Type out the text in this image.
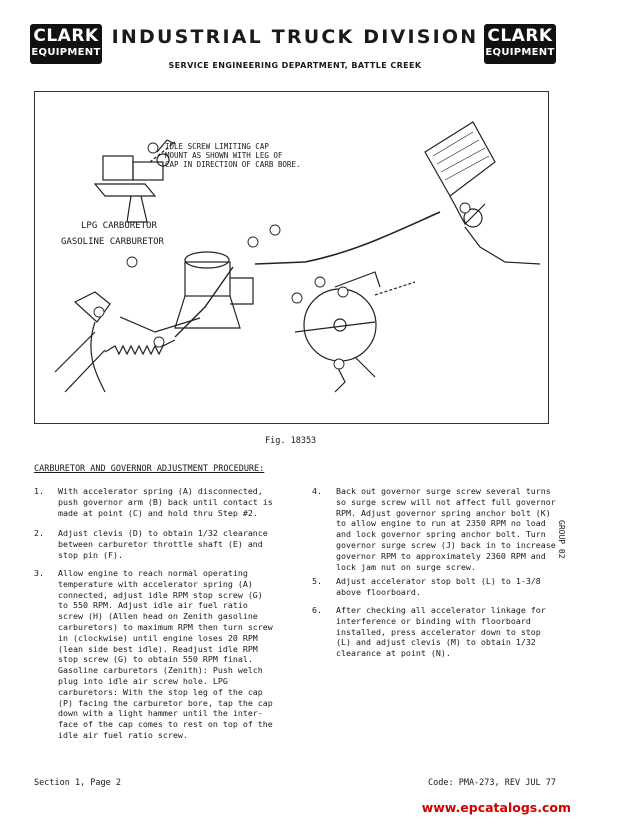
CLARK
EQUIPMENT
INDUSTRIAL TRUCK DIVISION
SERVICE ENGINEERING DEPARTMENT, BATTLE CREEK
CLARK
EQUIPMENT
IDLE SCREW LIMITING CAP
MOUNT AS SHOWN WITH LEG OF
CAP IN DIRECTION OF CARB BORE.
LPG CARBURETOR
GASOLINE CARBURETOR
Fig. 18353
CARBURETOR AND GOVERNOR ADJUSTMENT PROCEDURE:
1. With accelerator spring (A) disconnected,
push governor arm (B) back until contact is
made at point (C) and hold thru Step #2.
2. Adjust clevis (D) to obtain 1/32 clearance
between carburetor throttle shaft (E) and
stop pin (F).
3. Allow engine to reach normal operating
temperature with accelerator spring (A)
connected, adjust idle RPM stop screw (G)
to 550 RPM. Adjust idle air fuel ratio
screw (H) (Allen head on Zenith gasoline
carburetors) to maximum RPM then turn screw
in (clockwise) until engine loses 20 RPM
(lean side best idle). Readjust idle RPM
stop screw (G) to obtain 550 RPM final.
Gasoline carburetors (Zenith): Push welch
plug into idle air screw hole. LPG
carburetors: With the stop leg of the cap
(P) facing the carburetor bore, tap the cap
down with a light hammer until the inter-
face of the cap comes to rest on top of the
idle air fuel ratio screw.
4. Back out governor surge screw several turns
so surge screw will not affect full governor
RPM. Adjust governor spring anchor bolt (K)
to allow engine to run at 2350 RPM no load
and lock governor spring anchor bolt. Turn
governor surge screw (J) back in to increase
governor RPM to approximately 2360 RPM and
lock jam nut on surge screw.
5. Adjust accelerator stop bolt (L) to 1-3/8
above floorboard.
6. After checking all accelerator linkage for
interference or binding with floorboard
installed, press accelerator down to stop
(L) and adjust clevis (M) to obtain 1/32
clearance at point (N).
GROUP 02
Section 1, Page 2	Code: PMA-273, REV JUL 77
www.epcatalogs.com
